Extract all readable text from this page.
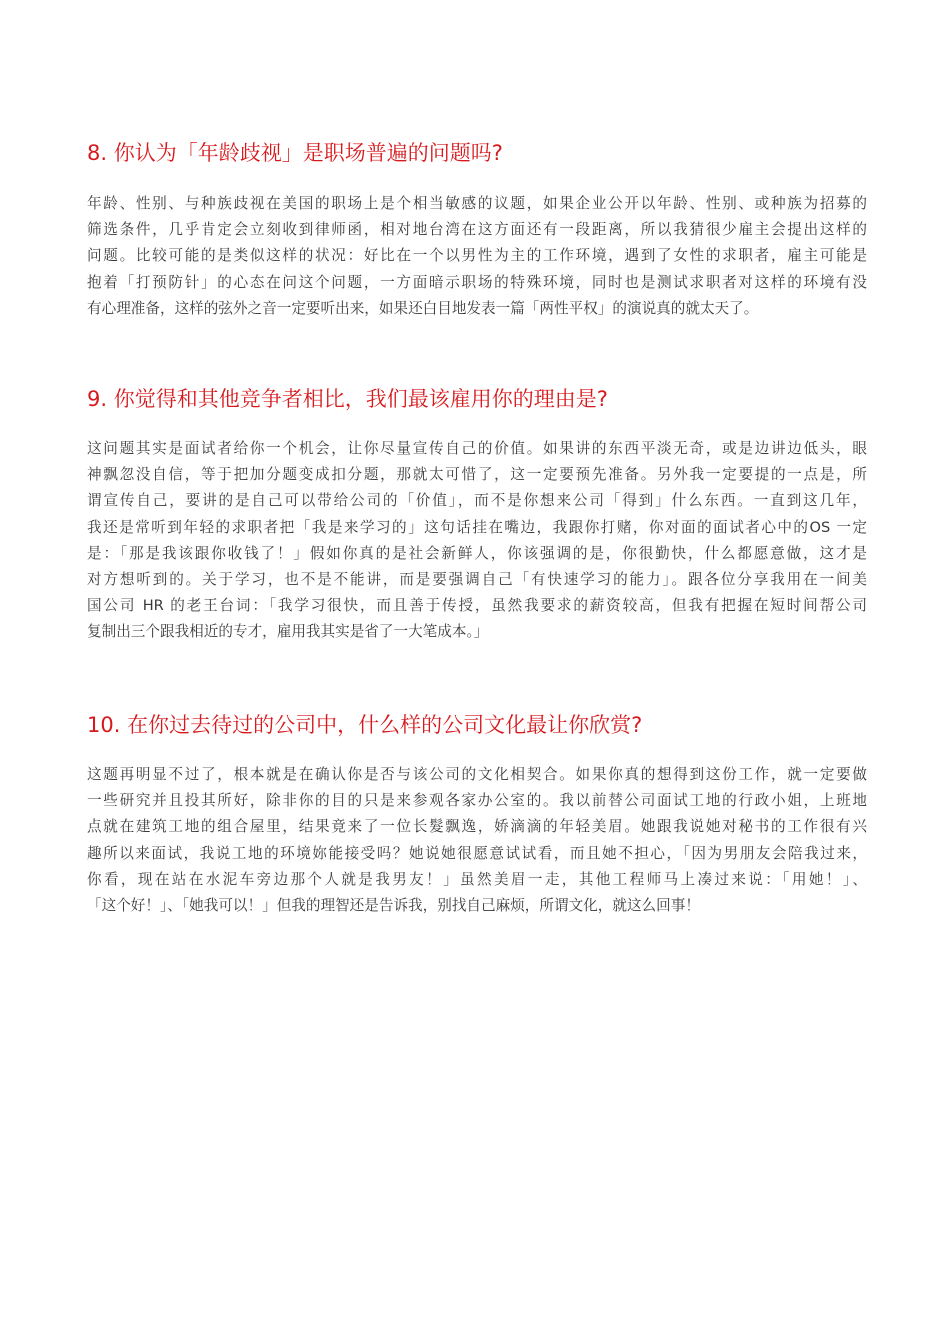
8. 你认为「年龄歧视」是职场普遍的问题吗?
年龄、性别、与种族歧视在美国的职场上是个相当敏感的议题，如果企业公开以年龄、性别、或种族为招募的
筛选条件，几乎肯定会立刻收到律师函，相对地台湾在这方面还有一段距离，所以我猜很少雇主会提出这样的
问题。比较可能的是类似这样的状况：好比在一个以男性为主的工作环境，遇到了女性的求职者，雇主可能是
抱着「打预防针」的心态在问这个问题，一方面暗示职场的特殊环境，同时也是测试求职者对这样的环境有没
有心理准备，这样的弦外之音一定要听出来，如果还白目地发表一篇「两性平权」的演说真的就太天了。
9. 你觉得和其他竞争者相比，我们最该雇用你的理由是?
这问题其实是面试者给你一个机会，让你尽量宣传自己的价值。如果讲的东西平淡无奇，或是边讲边低头，眼
神飘忽没自信，等于把加分题变成扣分题，那就太可惜了，这一定要预先准备。另外我一定要提的一点是，所
谓宣传自己，要讲的是自己可以带给公司的「价值」，而不是你想来公司「得到」什么东西。一直到这几年，
我还是常听到年轻的求职者把「我是来学习的」这句话挂在嘴边，我跟你打赌，你对面的面试者心中的OS 一定
是：「那是我该跟你收钱了！」假如你真的是社会新鲜人，你该强调的是，你很勤快，什么都愿意做，这才是
对方想听到的。关于学习，也不是不能讲，而是要强调自己「有快速学习的能力」。跟各位分享我用在一间美
国公司 HR 的老王台词：「我学习很快，而且善于传授，虽然我要求的薪资较高，但我有把握在短时间帮公司
复制出三个跟我相近的专才，雇用我其实是省了一大笔成本。」
10. 在你过去待过的公司中，什么样的公司文化最让你欣赏?
这题再明显不过了，根本就是在确认你是否与该公司的文化相契合。如果你真的想得到这份工作，就一定要做
一些研究并且投其所好，除非你的目的只是来参观各家办公室的。我以前替公司面试工地的行政小姐，上班地
点就在建筑工地的组合屋里，结果竟来了一位长髮飘逸，娇滴滴的年轻美眉。她跟我说她对秘书的工作很有兴
趣所以来面试，我说工地的环境妳能接受吗？她说她很愿意试试看，而且她不担心，「因为男朋友会陪我过来，
你看，现在站在水泥车旁边那个人就是我男友！」虽然美眉一走，其他工程师马上凑过来说：「用她！」、
「这个好！」、「她我可以！」但我的理智还是告诉我，别找自己麻烦，所谓文化，就这么回事！
